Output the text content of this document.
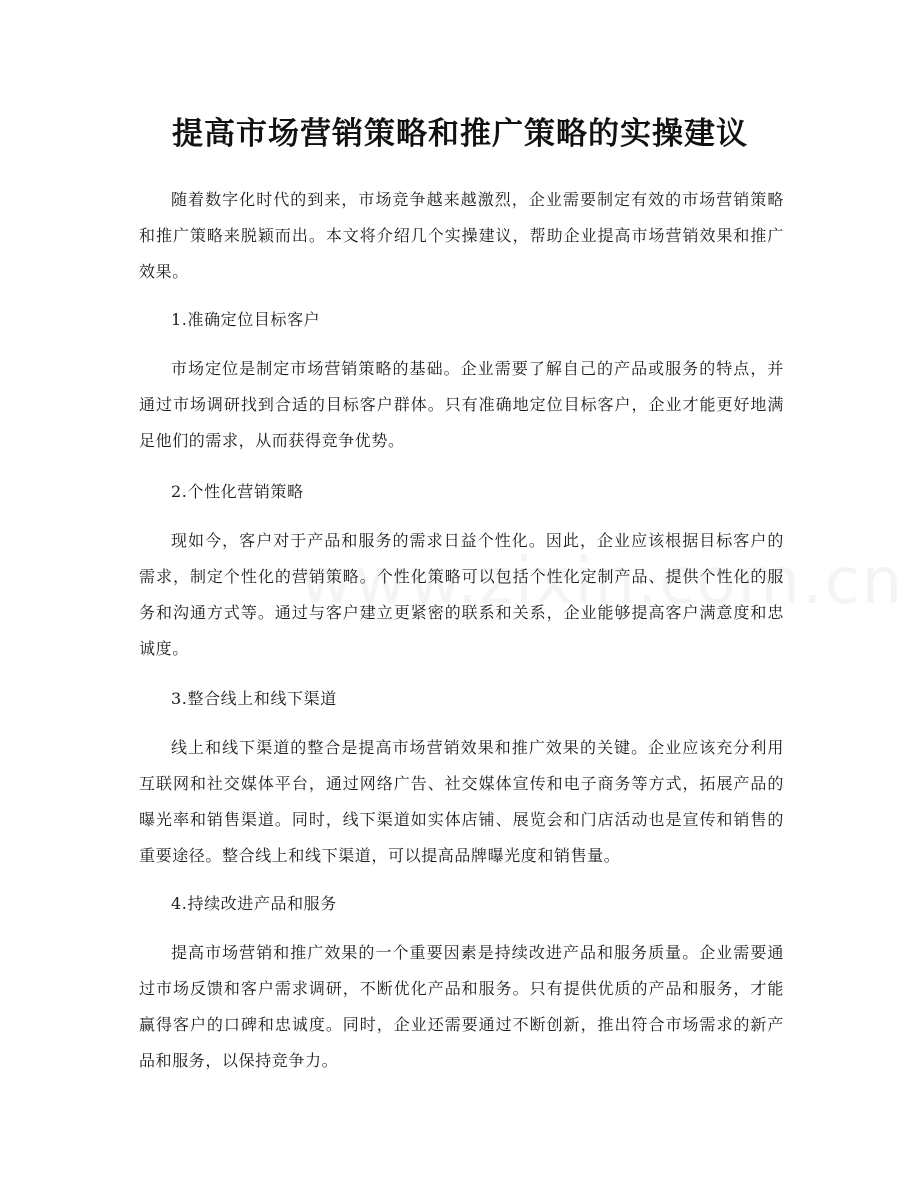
提高市场营销策略和推广策略的实操建议

随着数字化时代的到来，市场竞争越来越激烈，企业需要制定有效的市场营销策略和推广策略来脱颖而出。本文将介绍几个实操建议，帮助企业提高市场营销效果和推广效果。

1.准确定位目标客户

市场定位是制定市场营销策略的基础。企业需要了解自己的产品或服务的特点，并通过市场调研找到合适的目标客户群体。只有准确地定位目标客户，企业才能更好地满足他们的需求，从而获得竞争优势。

2.个性化营销策略

现如今，客户对于产品和服务的需求日益个性化。因此，企业应该根据目标客户的需求，制定个性化的营销策略。个性化策略可以包括个性化定制产品、提供个性化的服务和沟通方式等。通过与客户建立更紧密的联系和关系，企业能够提高客户满意度和忠诚度。

3.整合线上和线下渠道

线上和线下渠道的整合是提高市场营销效果和推广效果的关键。企业应该充分利用互联网和社交媒体平台，通过网络广告、社交媒体宣传和电子商务等方式，拓展产品的曝光率和销售渠道。同时，线下渠道如实体店铺、展览会和门店活动也是宣传和销售的重要途径。整合线上和线下渠道，可以提高品牌曝光度和销售量。

4.持续改进产品和服务

提高市场营销和推广效果的一个重要因素是持续改进产品和服务质量。企业需要通过市场反馈和客户需求调研，不断优化产品和服务。只有提供优质的产品和服务，才能赢得客户的口碑和忠诚度。同时，企业还需要通过不断创新，推出符合市场需求的新产品和服务，以保持竞争力。
